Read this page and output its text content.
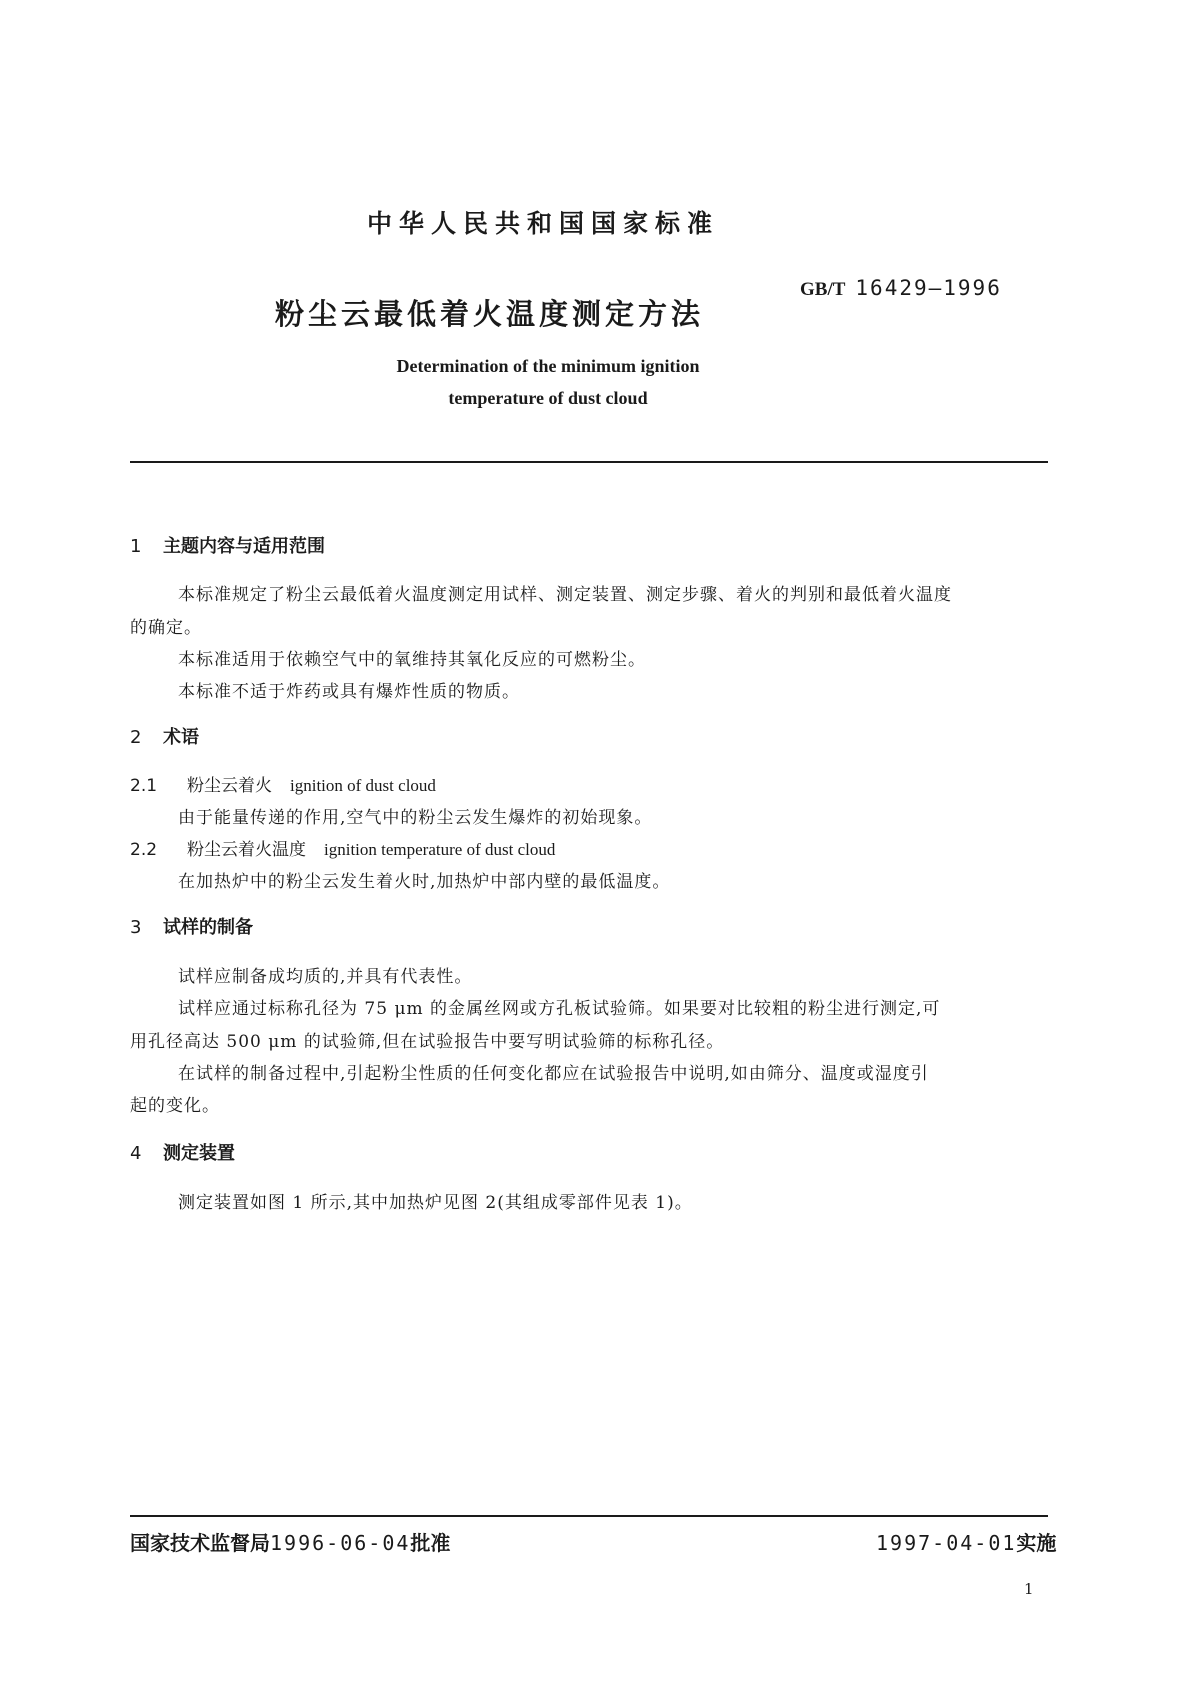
中华人民共和国国家标准
粉尘云最低着火温度测定方法
GB/T 16429—1996
Determination of the minimum ignition
temperature of dust cloud
1 主题内容与适用范围
本标准规定了粉尘云最低着火温度测定用试样、测定装置、测定步骤、着火的判别和最低着火温度
的确定。
本标准适用于依赖空气中的氧维持其氧化反应的可燃粉尘。
本标准不适于炸药或具有爆炸性质的物质。
2 术语
2.1 粉尘云着火 ignition of dust cloud
由于能量传递的作用,空气中的粉尘云发生爆炸的初始现象。
2.2 粉尘云着火温度 ignition temperature of dust cloud
在加热炉中的粉尘云发生着火时,加热炉中部内壁的最低温度。
3 试样的制备
试样应制备成均质的,并具有代表性。
试样应通过标称孔径为 75 μm 的金属丝网或方孔板试验筛。如果要对比较粗的粉尘进行测定,可
用孔径高达 500 μm 的试验筛,但在试验报告中要写明试验筛的标称孔径。
在试样的制备过程中,引起粉尘性质的任何变化都应在试验报告中说明,如由筛分、温度或湿度引
起的变化。
4 测定装置
测定装置如图 1 所示,其中加热炉见图 2(其组成零部件见表 1)。
国家技术监督局1996-06-04批准	1997-04-01实施
1
